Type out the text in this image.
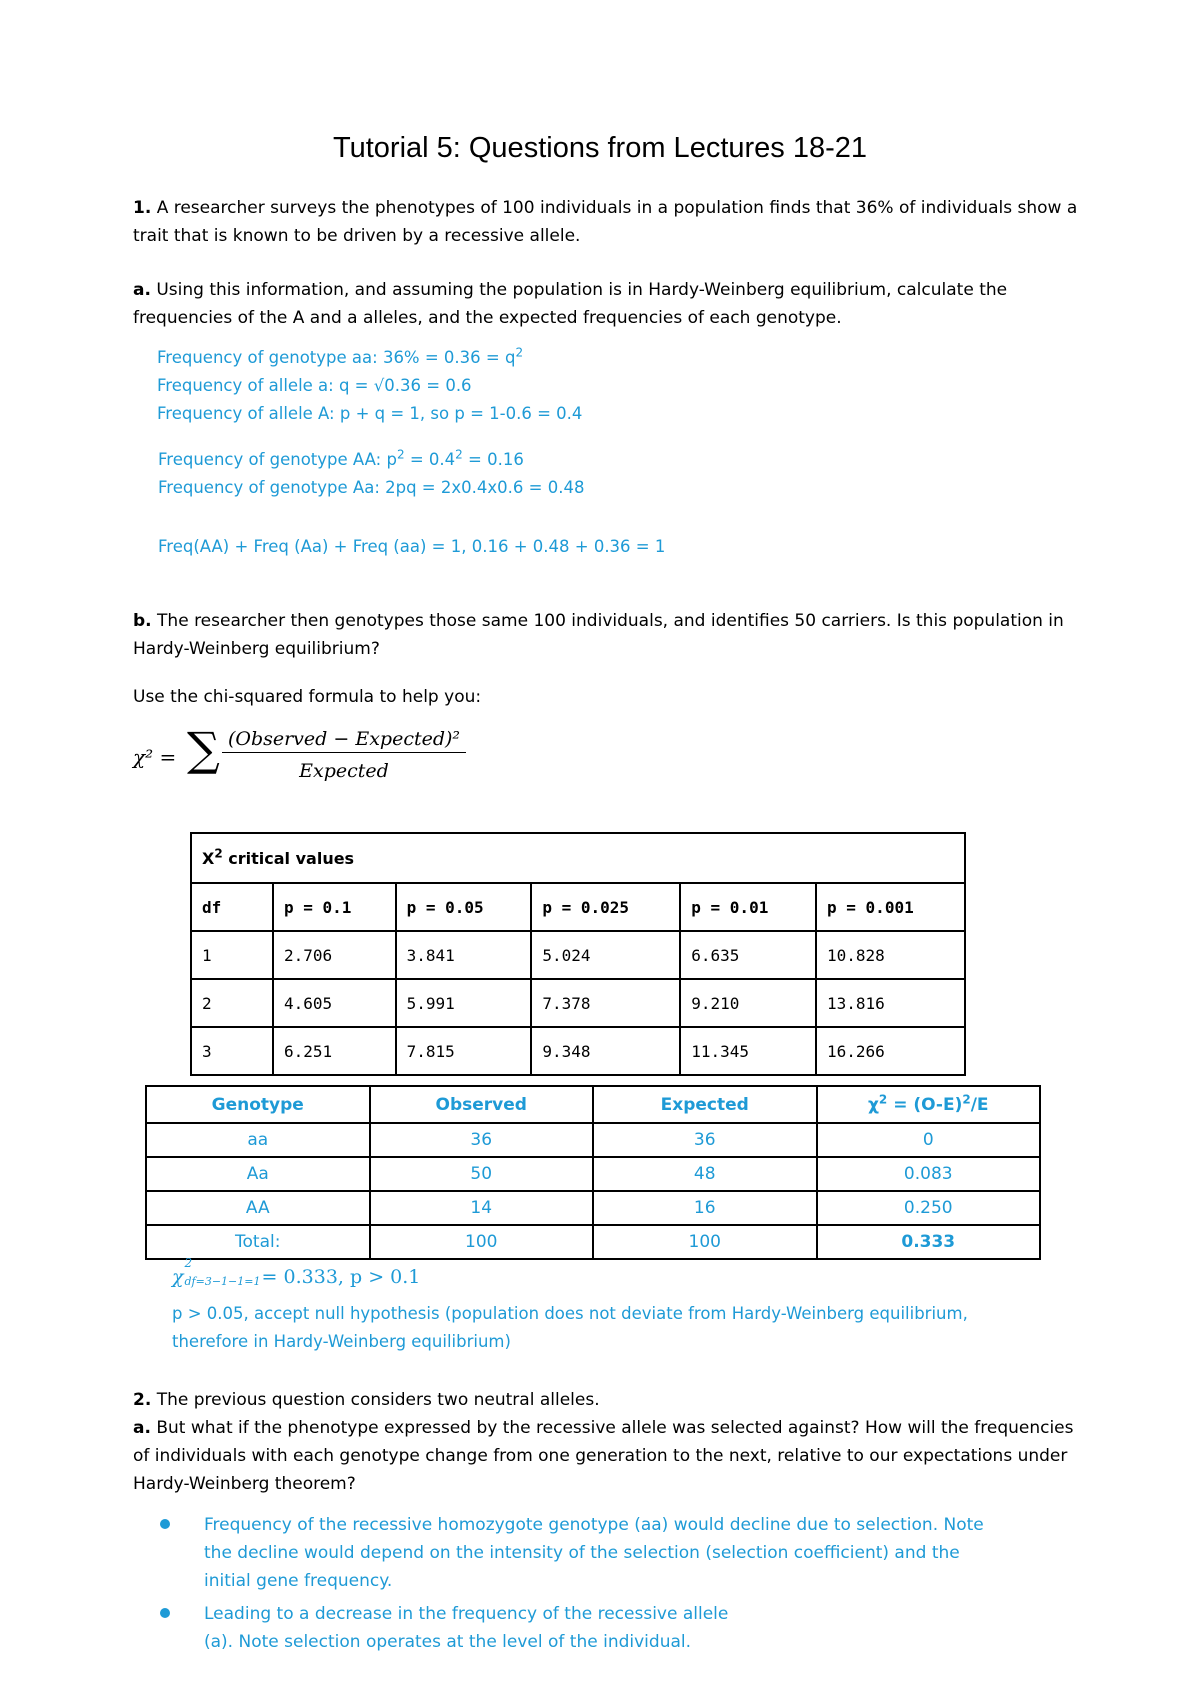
Tutorial 5: Questions from Lectures 18-21
1. A researcher surveys the phenotypes of 100 individuals in a population finds that 36% of individuals show a
trait that is known to be driven by a recessive allele.
a. Using this information, and assuming the population is in Hardy-Weinberg equilibrium, calculate the
frequencies of the A and a alleles, and the expected frequencies of each genotype.
Frequency of genotype aa: $36\% = 0.36 = q^2$
Frequency of allele a: q = √0.36 = 0.6
Frequency of allele A: p + q = 1, so p = 1-0.6 = 0.4
Frequency of genotype AA: $p^2 = 0.4^2 = 0.16$
Frequency of genotype Aa: 2pq = 2x0.4x0.6 = 0.48
Freq(AA) + Freq (Aa) + Freq (aa) = 1, 0.16 + 0.48 + 0.36 = 1
b. The researcher then genotypes those same 100 individuals, and identifies 50 carriers. Is this population in
Hardy-Weinberg equilibrium?
Use the chi-squared formula to help you:
χ² = ∑ (Observed − Expected)²
Expected
$X^2$ critical values					
df	p = 0.1	p = 0.05	p = 0.025	p = 0.01	p = 0.001
1	2.706	3.841	5.024	6.635	10.828
2	4.605	5.991	7.378	9.210	13.816
3	6.251	7.815	9.348	11.345	16.266
Genotype	Observed	Expected	$\chi^2 = (O-E)^2/E$
aa	36	36	0
Aa	50	48	0.083
AA	14	16	0.250
Total:	100	100	0.333
χ
2
df=3−1−1=1
= 0.333, p > 0.1
p > 0.05, accept null hypothesis (population does not deviate from Hardy-Weinberg equilibrium,
therefore in Hardy-Weinberg equilibrium)
2. The previous question considers two neutral alleles.
a. But what if the phenotype expressed by the recessive allele was selected against? How will the frequencies
of individuals with each genotype change from one generation to the next, relative to our expectations under
Hardy-Weinberg theorem?
Frequency of the recessive homozygote genotype (aa) would decline due to selection. Note
the decline would depend on the intensity of the selection (selection coefficient) and the
initial gene frequency.
Leading to a decrease in the frequency of the recessive allele
(a). Note selection operates at the level of the individual.
